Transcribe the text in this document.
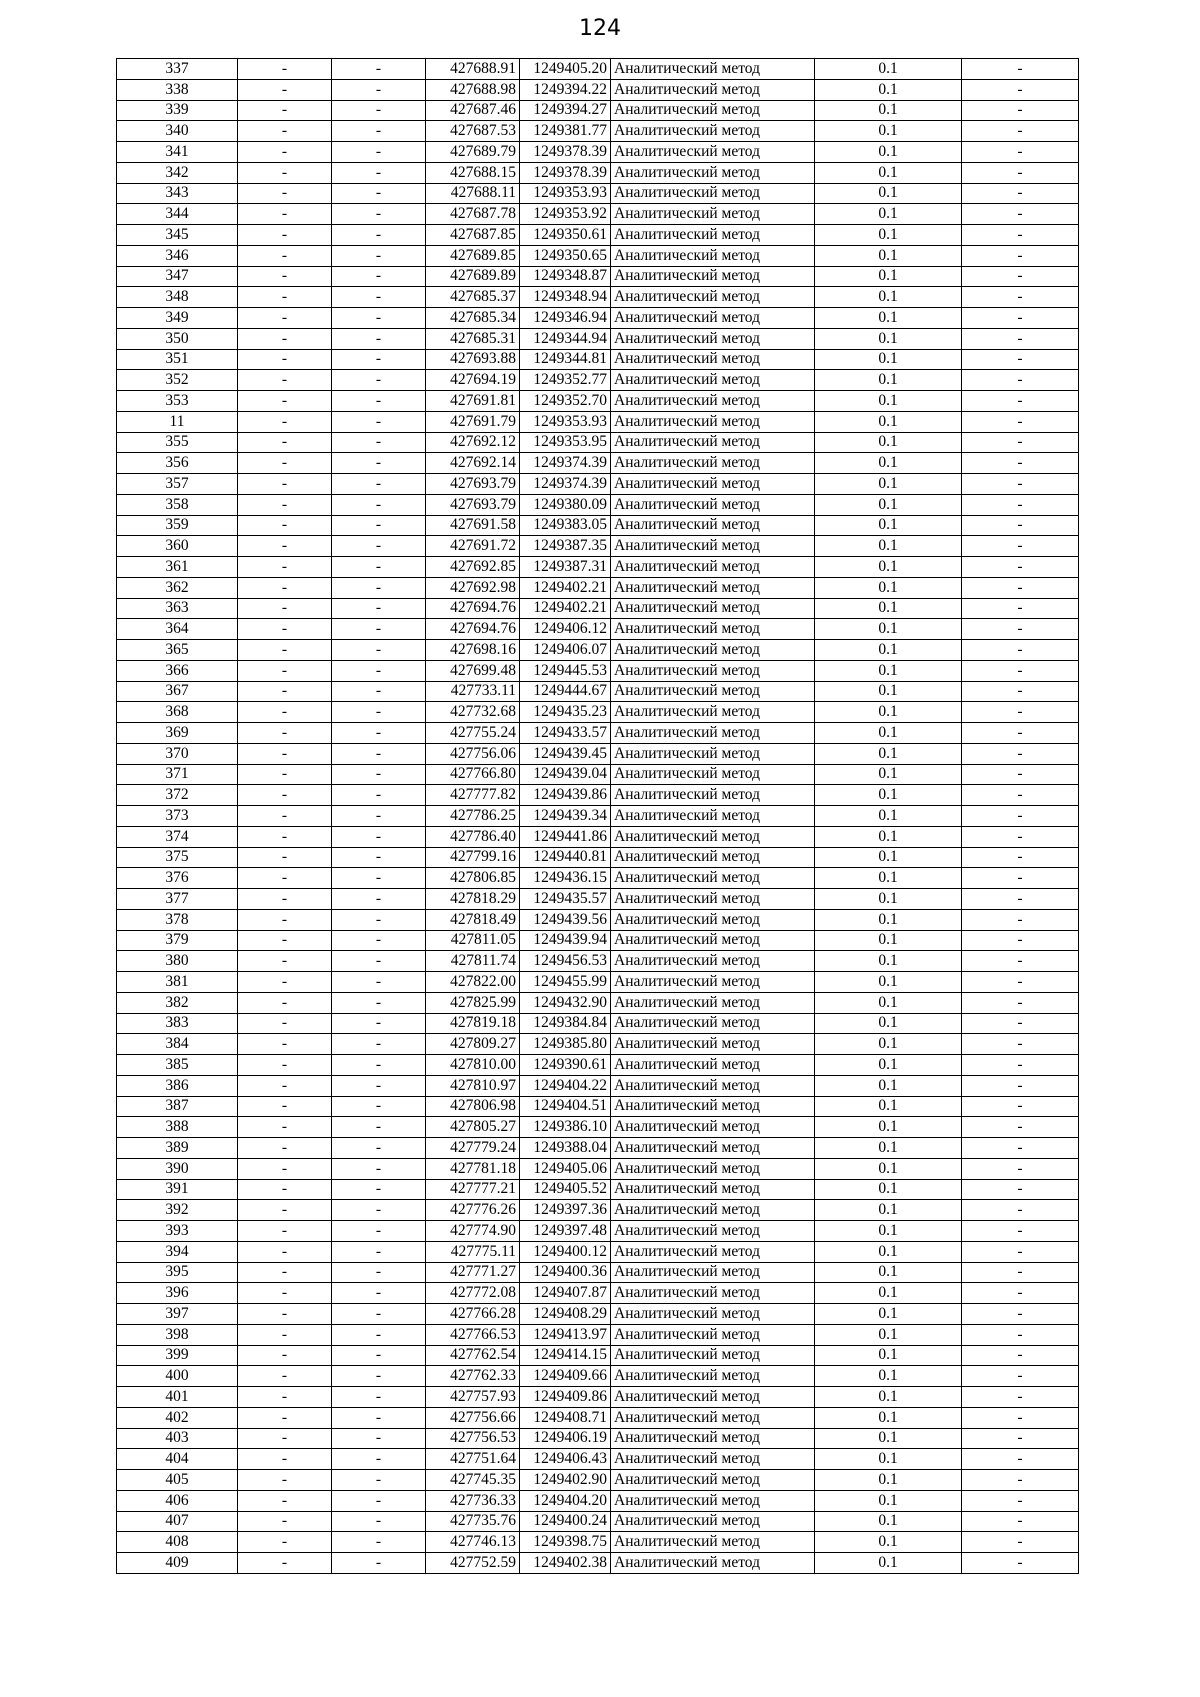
124
337	-	-	427688.91	1249405.20	Аналитический метод	0.1	-
338	-	-	427688.98	1249394.22	Аналитический метод	0.1	-
339	-	-	427687.46	1249394.27	Аналитический метод	0.1	-
340	-	-	427687.53	1249381.77	Аналитический метод	0.1	-
341	-	-	427689.79	1249378.39	Аналитический метод	0.1	-
342	-	-	427688.15	1249378.39	Аналитический метод	0.1	-
343	-	-	427688.11	1249353.93	Аналитический метод	0.1	-
344	-	-	427687.78	1249353.92	Аналитический метод	0.1	-
345	-	-	427687.85	1249350.61	Аналитический метод	0.1	-
346	-	-	427689.85	1249350.65	Аналитический метод	0.1	-
347	-	-	427689.89	1249348.87	Аналитический метод	0.1	-
348	-	-	427685.37	1249348.94	Аналитический метод	0.1	-
349	-	-	427685.34	1249346.94	Аналитический метод	0.1	-
350	-	-	427685.31	1249344.94	Аналитический метод	0.1	-
351	-	-	427693.88	1249344.81	Аналитический метод	0.1	-
352	-	-	427694.19	1249352.77	Аналитический метод	0.1	-
353	-	-	427691.81	1249352.70	Аналитический метод	0.1	-
11	-	-	427691.79	1249353.93	Аналитический метод	0.1	-
355	-	-	427692.12	1249353.95	Аналитический метод	0.1	-
356	-	-	427692.14	1249374.39	Аналитический метод	0.1	-
357	-	-	427693.79	1249374.39	Аналитический метод	0.1	-
358	-	-	427693.79	1249380.09	Аналитический метод	0.1	-
359	-	-	427691.58	1249383.05	Аналитический метод	0.1	-
360	-	-	427691.72	1249387.35	Аналитический метод	0.1	-
361	-	-	427692.85	1249387.31	Аналитический метод	0.1	-
362	-	-	427692.98	1249402.21	Аналитический метод	0.1	-
363	-	-	427694.76	1249402.21	Аналитический метод	0.1	-
364	-	-	427694.76	1249406.12	Аналитический метод	0.1	-
365	-	-	427698.16	1249406.07	Аналитический метод	0.1	-
366	-	-	427699.48	1249445.53	Аналитический метод	0.1	-
367	-	-	427733.11	1249444.67	Аналитический метод	0.1	-
368	-	-	427732.68	1249435.23	Аналитический метод	0.1	-
369	-	-	427755.24	1249433.57	Аналитический метод	0.1	-
370	-	-	427756.06	1249439.45	Аналитический метод	0.1	-
371	-	-	427766.80	1249439.04	Аналитический метод	0.1	-
372	-	-	427777.82	1249439.86	Аналитический метод	0.1	-
373	-	-	427786.25	1249439.34	Аналитический метод	0.1	-
374	-	-	427786.40	1249441.86	Аналитический метод	0.1	-
375	-	-	427799.16	1249440.81	Аналитический метод	0.1	-
376	-	-	427806.85	1249436.15	Аналитический метод	0.1	-
377	-	-	427818.29	1249435.57	Аналитический метод	0.1	-
378	-	-	427818.49	1249439.56	Аналитический метод	0.1	-
379	-	-	427811.05	1249439.94	Аналитический метод	0.1	-
380	-	-	427811.74	1249456.53	Аналитический метод	0.1	-
381	-	-	427822.00	1249455.99	Аналитический метод	0.1	-
382	-	-	427825.99	1249432.90	Аналитический метод	0.1	-
383	-	-	427819.18	1249384.84	Аналитический метод	0.1	-
384	-	-	427809.27	1249385.80	Аналитический метод	0.1	-
385	-	-	427810.00	1249390.61	Аналитический метод	0.1	-
386	-	-	427810.97	1249404.22	Аналитический метод	0.1	-
387	-	-	427806.98	1249404.51	Аналитический метод	0.1	-
388	-	-	427805.27	1249386.10	Аналитический метод	0.1	-
389	-	-	427779.24	1249388.04	Аналитический метод	0.1	-
390	-	-	427781.18	1249405.06	Аналитический метод	0.1	-
391	-	-	427777.21	1249405.52	Аналитический метод	0.1	-
392	-	-	427776.26	1249397.36	Аналитический метод	0.1	-
393	-	-	427774.90	1249397.48	Аналитический метод	0.1	-
394	-	-	427775.11	1249400.12	Аналитический метод	0.1	-
395	-	-	427771.27	1249400.36	Аналитический метод	0.1	-
396	-	-	427772.08	1249407.87	Аналитический метод	0.1	-
397	-	-	427766.28	1249408.29	Аналитический метод	0.1	-
398	-	-	427766.53	1249413.97	Аналитический метод	0.1	-
399	-	-	427762.54	1249414.15	Аналитический метод	0.1	-
400	-	-	427762.33	1249409.66	Аналитический метод	0.1	-
401	-	-	427757.93	1249409.86	Аналитический метод	0.1	-
402	-	-	427756.66	1249408.71	Аналитический метод	0.1	-
403	-	-	427756.53	1249406.19	Аналитический метод	0.1	-
404	-	-	427751.64	1249406.43	Аналитический метод	0.1	-
405	-	-	427745.35	1249402.90	Аналитический метод	0.1	-
406	-	-	427736.33	1249404.20	Аналитический метод	0.1	-
407	-	-	427735.76	1249400.24	Аналитический метод	0.1	-
408	-	-	427746.13	1249398.75	Аналитический метод	0.1	-
409	-	-	427752.59	1249402.38	Аналитический метод	0.1	-
